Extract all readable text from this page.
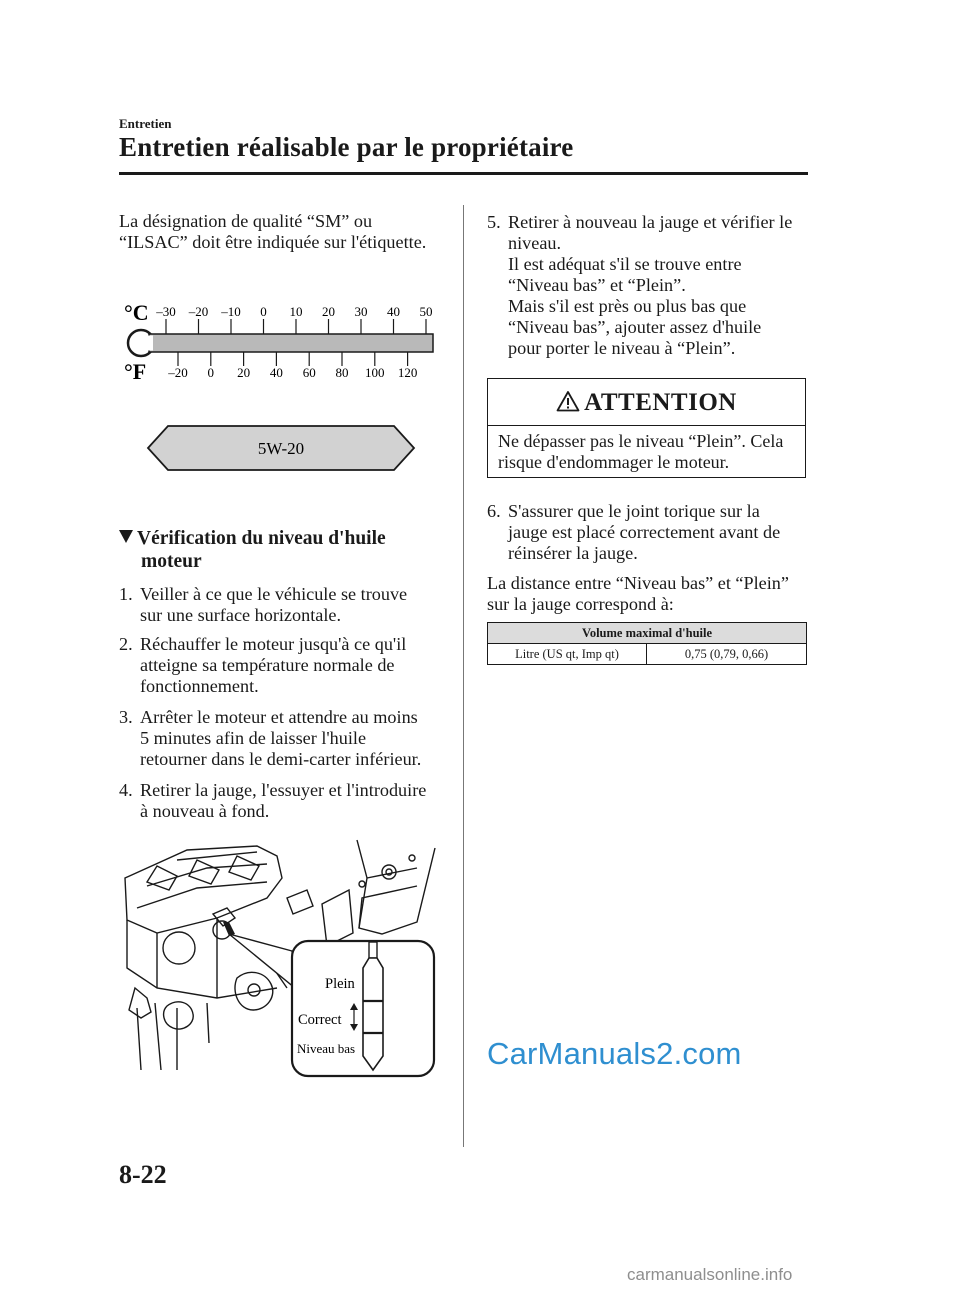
Entretien
Entretien réalisable par le propriétaire
La désignation de qualité “SM” ou
“ILSAC” doit être indiquée sur l'étiquette.
°C
°F
–30 –20 –10 0 10 20 30 40 50
–20 0 20 40 60 80 100 120
5W-20
Vérification du niveau d'huile
moteur
1. Veiller à ce que le véhicule se trouve
sur une surface horizontale.
2. Réchauffer le moteur jusqu'à ce qu'il
atteigne sa température normale de
fonctionnement.
3. Arrêter le moteur et attendre au moins
5 minutes afin de laisser l'huile
retourner dans le demi-carter inférieur.
4. Retirer la jauge, l'essuyer et l'introduire
à nouveau à fond.
Plein
Correct
Niveau bas
5. Retirer à nouveau la jauge et vérifier le
niveau.
Il est adéquat s'il se trouve entre
“Niveau bas” et “Plein”.
Mais s'il est près ou plus bas que
“Niveau bas”, ajouter assez d'huile
pour porter le niveau à “Plein”.
ATTENTION
Ne dépasser pas le niveau “Plein”. Cela
risque d'endommager le moteur.
6. S'assurer que le joint torique sur la
jauge est placé correctement avant de
réinsérer la jauge.
La distance entre “Niveau bas” et “Plein”
sur la jauge correspond à:
Volume maximal d'huile
Litre (US qt, Imp qt)	0,75 (0,79, 0,66)
8-22
CarManuals2.com
carmanualsonline.info
